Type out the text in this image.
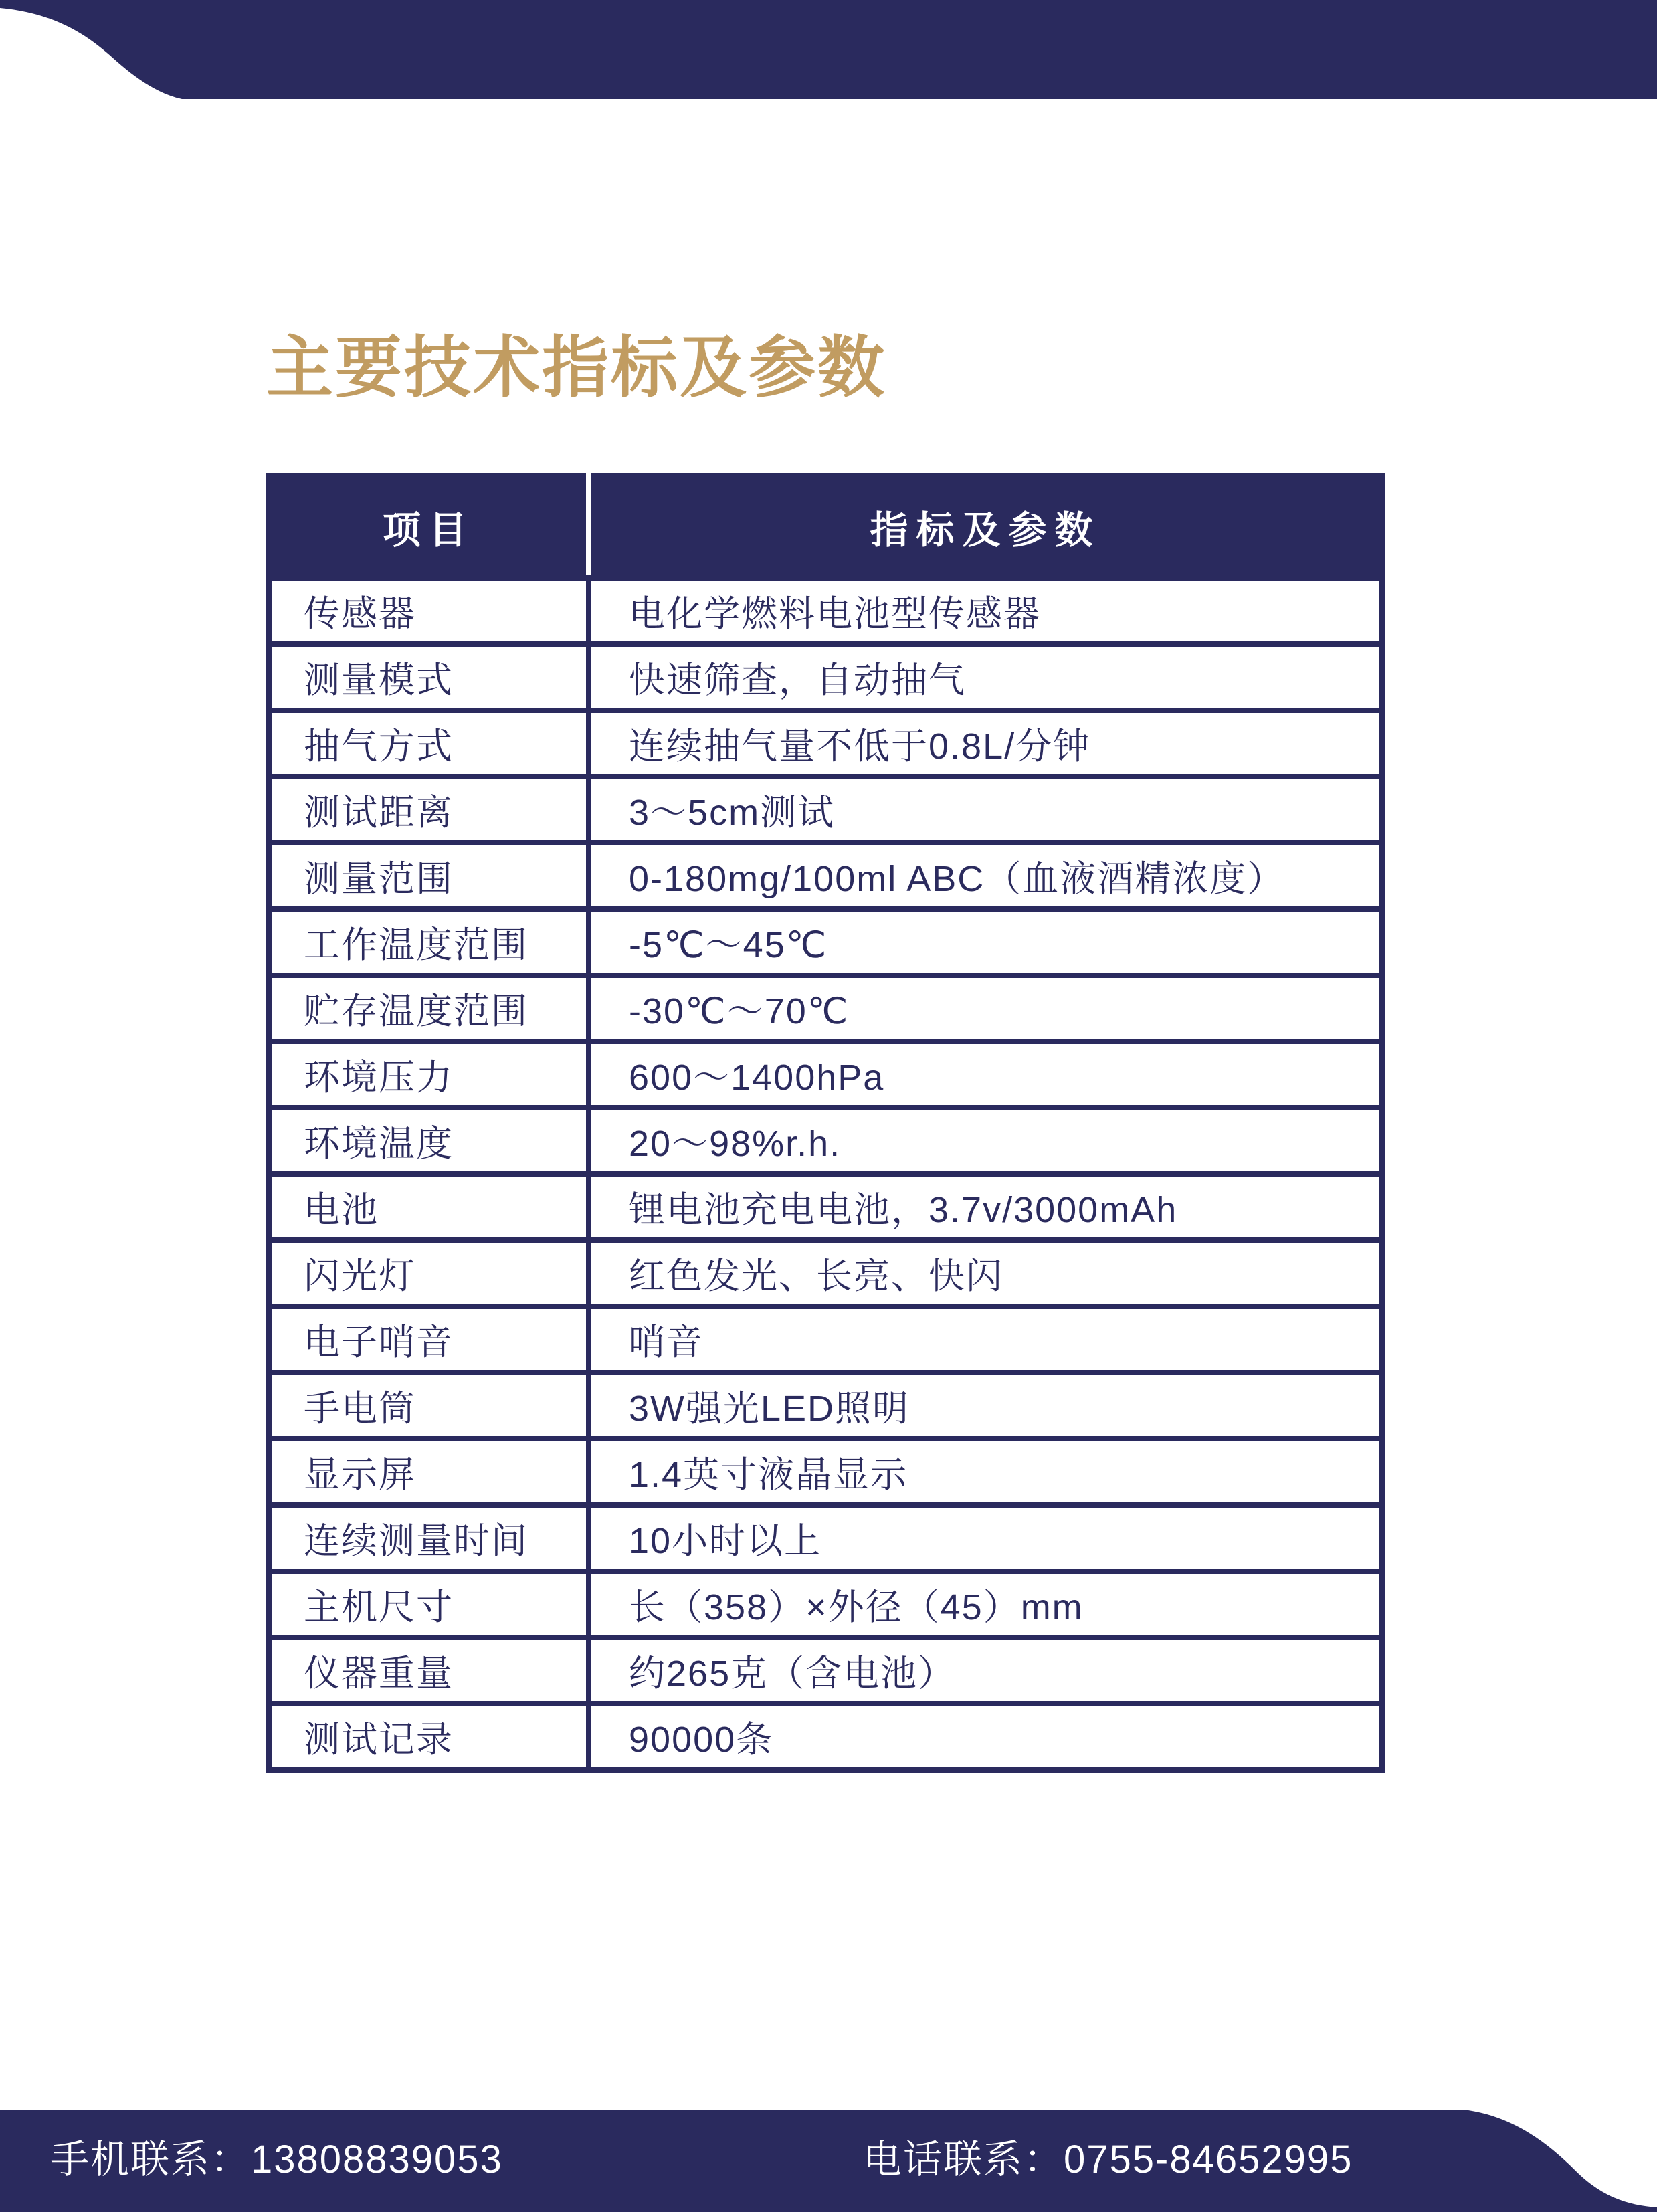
主要技术指标及参数
项目	指标及参数
传感器	电化学燃料电池型传感器
测量模式	快速筛查，自动抽气
抽气方式	连续抽气量不低于0.8L/分钟
测试距离	3～5cm测试
测量范围	0-180mg/100ml ABC（血液酒精浓度）
工作温度范围	-5℃～45℃
贮存温度范围	-30℃～70℃
环境压力	600～1400hPa
环境温度	20～98%r.h.
电池	锂电池充电电池，3.7v/3000mAh
闪光灯	红色发光、长亮、快闪
电子哨音	哨音
手电筒	3W强光LED照明
显示屏	1.4英寸液晶显示
连续测量时间	10小时以上
主机尺寸	长（358）×外径（45）mm
仪器重量	约265克（含电池）
测试记录	90000条
手机联系：13808839053	电话联系：0755-84652995
